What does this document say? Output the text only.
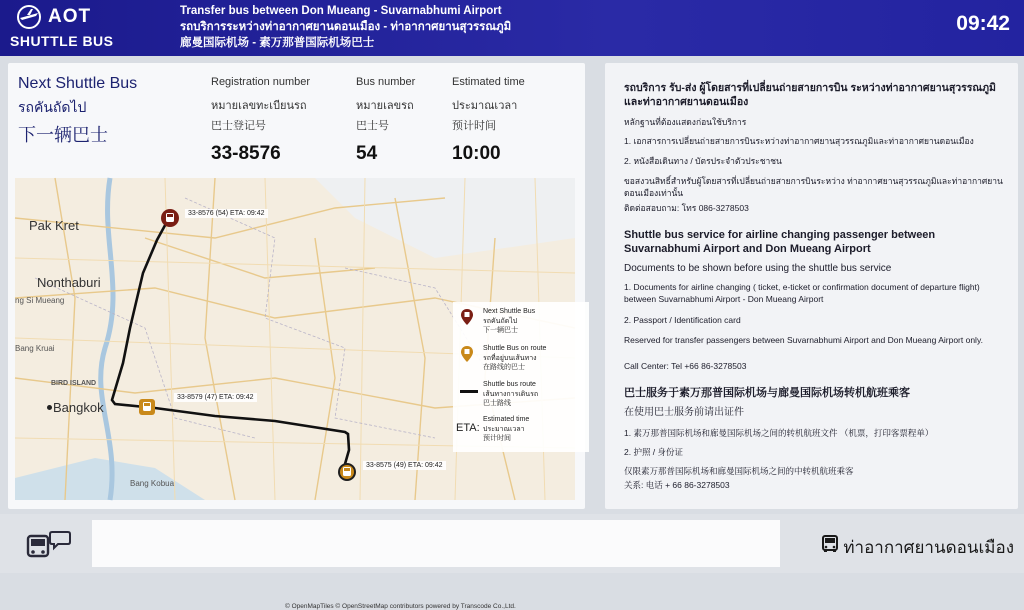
AOT
SHUTTLE BUS
Transfer bus between Don Mueang - Suvarnabhumi Airport
รถบริการระหว่างท่าอากาศยานดอนเมือง - ท่าอากาศยานสุวรรณภูมิ
廊曼国际机场 - 素万那普国际机场巴士
09:42
Next Shuttle Bus
รถคันถัดไป
下一辆巴士
Registration number
หมายเลขทะเบียนรถ
巴士登记号
33-8576
Bus number
หมายเลขรถ
巴士号
54
Estimated time
ประมาณเวลา
预计时间
10:00
Pak Kret
Nonthaburi
Bangkok
Bang Kruai
BIRD ISLAND
Bang Kobua
ng Si Mueang
33-8576 (54) ETA: 09:42
33-8579 (47) ETA: 09:42
33-8575 (49) ETA: 09:42
Next Shuttle Bus
รถคันถัดไป
下一辆巴士
Shuttle Bus on route
รถที่อยู่บนเส้นทาง
在路线的巴士
Shuttle bus route
เส้นทางการเดินรถ
巴士路线
Estimated time
ประมาณเวลา
预计时间
ETA:
© OpenMapTiles © OpenStreetMap contributors powered by Transcode Co.,Ltd.
รถบริการ รับ-ส่ง ผู้โดยสารที่เปลี่ยนถ่ายสายการบิน ระหว่างท่าอากาศยานสุวรรณภูมิและท่าอากาศยานดอนเมือง
หลักฐานที่ต้องแสดงก่อนใช้บริการ
1. เอกสารการเปลี่ยนถ่ายสายการบินระหว่างท่าอากาศยานสุวรรณภูมิและท่าอากาศยานดอนเมือง
2. หนังสือเดินทาง / บัตรประจำตัวประชาชน
ขอสงวนสิทธิ์สำหรับผู้โดยสารที่เปลี่ยนถ่ายสายการบินระหว่าง ท่าอากาศยานสุวรรณภูมิและท่าอากาศยานดอนเมืองเท่านั้น
ติดต่อสอบถาม: โทร 086-3278503
Shuttle bus service for airline changing passenger between Suvarnabhumi Airport and Don Mueang Airport
Documents to be shown before using the shuttle bus service
1. Documents for airline changing ( ticket, e-ticket or confirmation document of departure flight) between Suvarnabhumi Airport - Don Mueang Airport
2. Passport / Identification card
Reserved for transfer passengers between Suvarnabhumi Airport and Don Mueang Airport only.
Call Center: Tel +66 86-3278503
巴士服务于素万那普国际机场与廊曼国际机场转机航班乘客
在使用巴士服务前请出证件
1. 素万那普国际机场和廊曼国际机场之间的转机航班文件 （机票，打印客票程单）
2. 护照 / 身份证
仅限素万那普国际机场和廊曼国际机场之间的中转机航班乘客
关系: 电话 + 66 86-3278503
ท่าอากาศยานดอนเมือง
